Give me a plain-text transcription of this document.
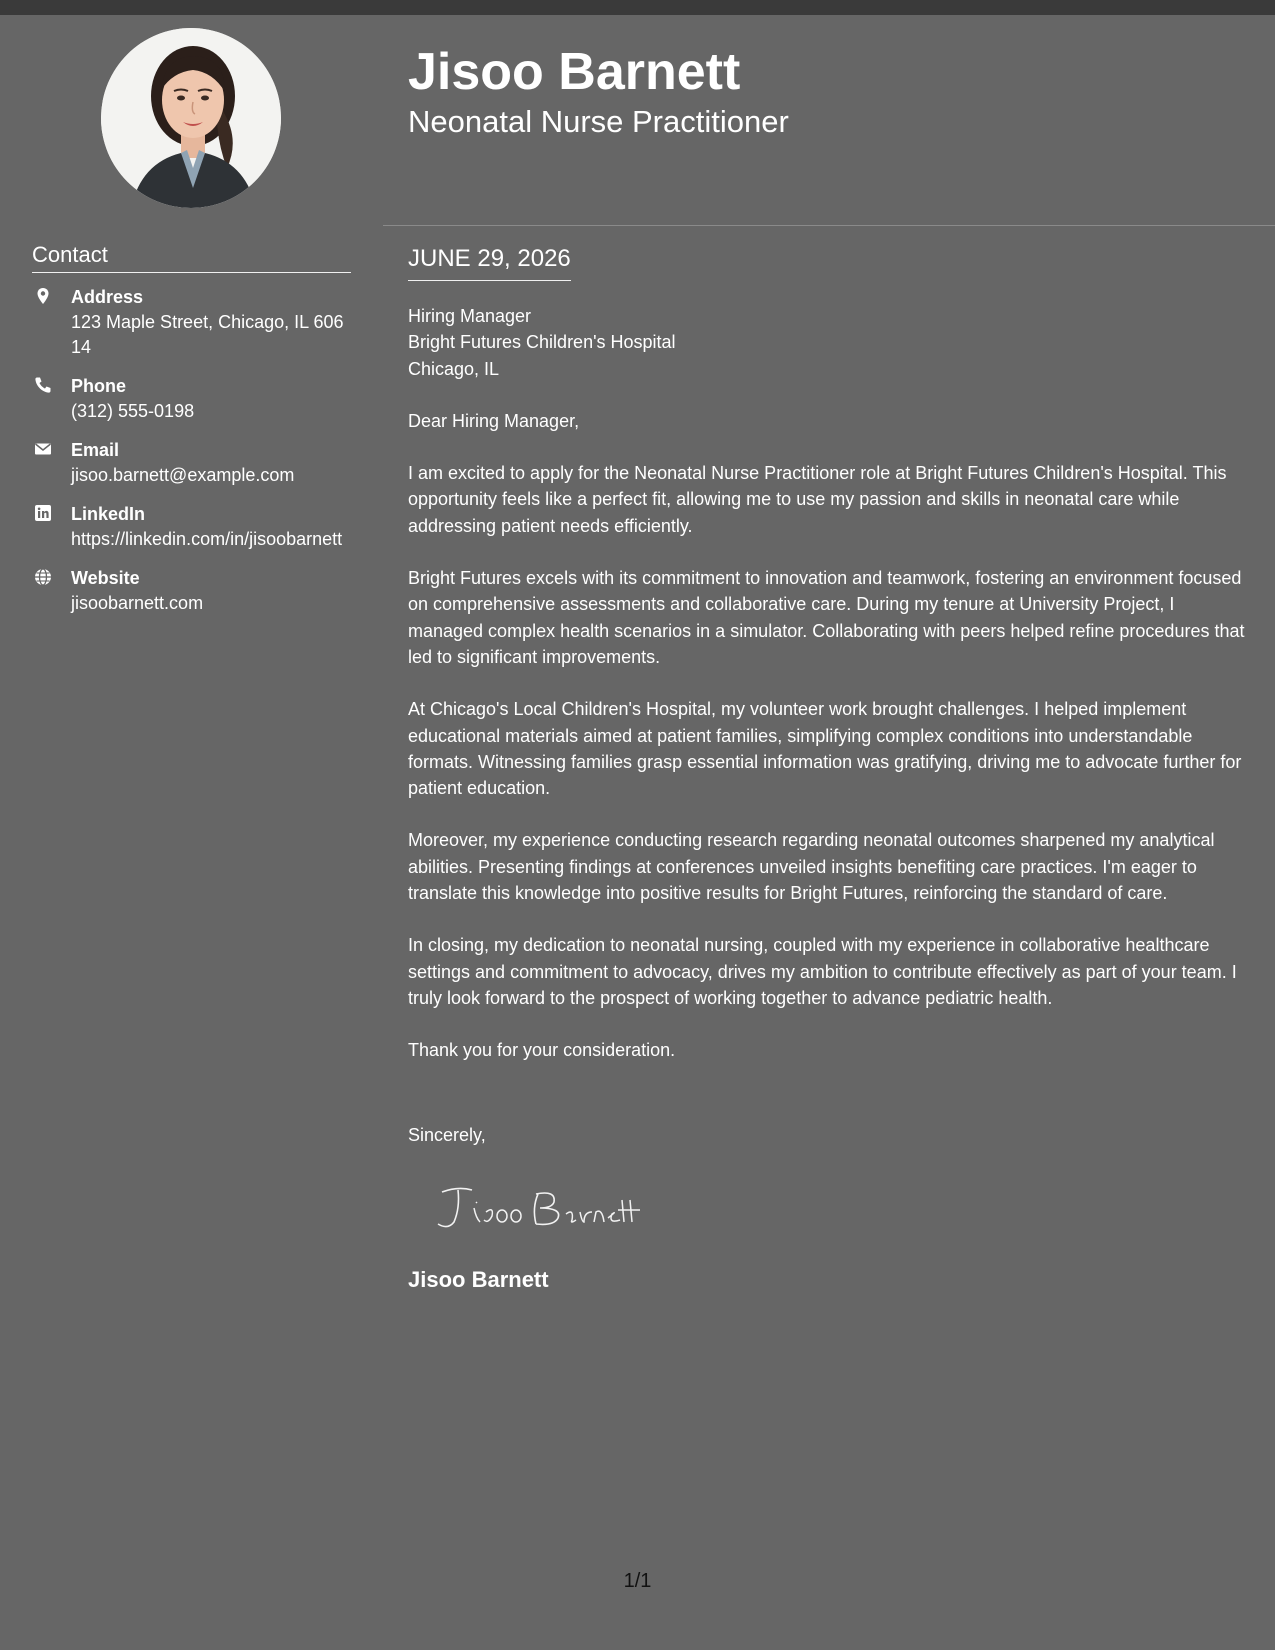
Contact
Address
123 Maple Street, Chicago, IL 60614
Phone
(312) 555-0198
Email
jisoo.barnett@example.com
LinkedIn
https://linkedin.com/in/jisoobarnett
Website
jisoobarnett.com
Jisoo Barnett
Neonatal Nurse Practitioner
JUNE 29, 2026
Hiring Manager
Bright Futures Children's Hospital
Chicago, IL

Dear Hiring Manager,

I am excited to apply for the Neonatal Nurse Practitioner role at Bright Futures Children's Hospital. This opportunity feels like a perfect fit, allowing me to use my passion and skills in neonatal care while addressing patient needs efficiently.

Bright Futures excels with its commitment to innovation and teamwork, fostering an environment focused on comprehensive assessments and collaborative care. During my tenure at University Project, I managed complex health scenarios in a simulator. Collaborating with peers helped refine procedures that led to significant improvements.

At Chicago's Local Children's Hospital, my volunteer work brought challenges. I helped implement educational materials aimed at patient families, simplifying complex conditions into understandable formats. Witnessing families grasp essential information was gratifying, driving me to advocate further for patient education.

Moreover, my experience conducting research regarding neonatal outcomes sharpened my analytical abilities. Presenting findings at conferences unveiled insights benefiting care practices. I'm eager to translate this knowledge into positive results for Bright Futures, reinforcing the standard of care.

In closing, my dedication to neonatal nursing, coupled with my experience in collaborative healthcare settings and commitment to advocacy, drives my ambition to contribute effectively as part of your team. I truly look forward to the prospect of working together to advance pediatric health.

Thank you for your consideration.

Sincerely,
Jisoo Barnett
1/1
